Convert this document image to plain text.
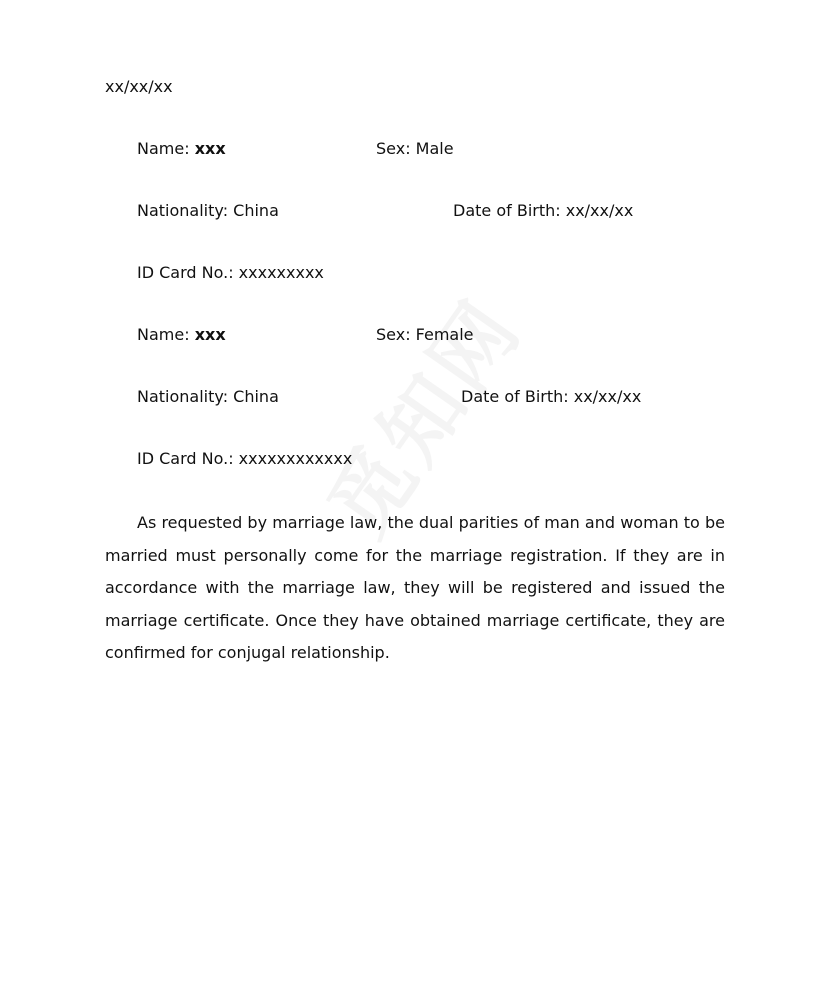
xx/xx/xx
Name: xxx	Sex: Male
Nationality: China	Date of Birth: xx/xx/xx
ID Card No.: xxxxxxxxx
Name: xxx	Sex: Female
Nationality: China	Date of Birth: xx/xx/xx
ID Card No.: xxxxxxxxxxxx
As requested by marriage law, the dual parities of man and woman to be married must personally come for the marriage registration. If they are in accordance with the marriage law, they will be registered and issued the marriage certificate. Once they have obtained marriage certificate, they are confirmed for conjugal relationship.
